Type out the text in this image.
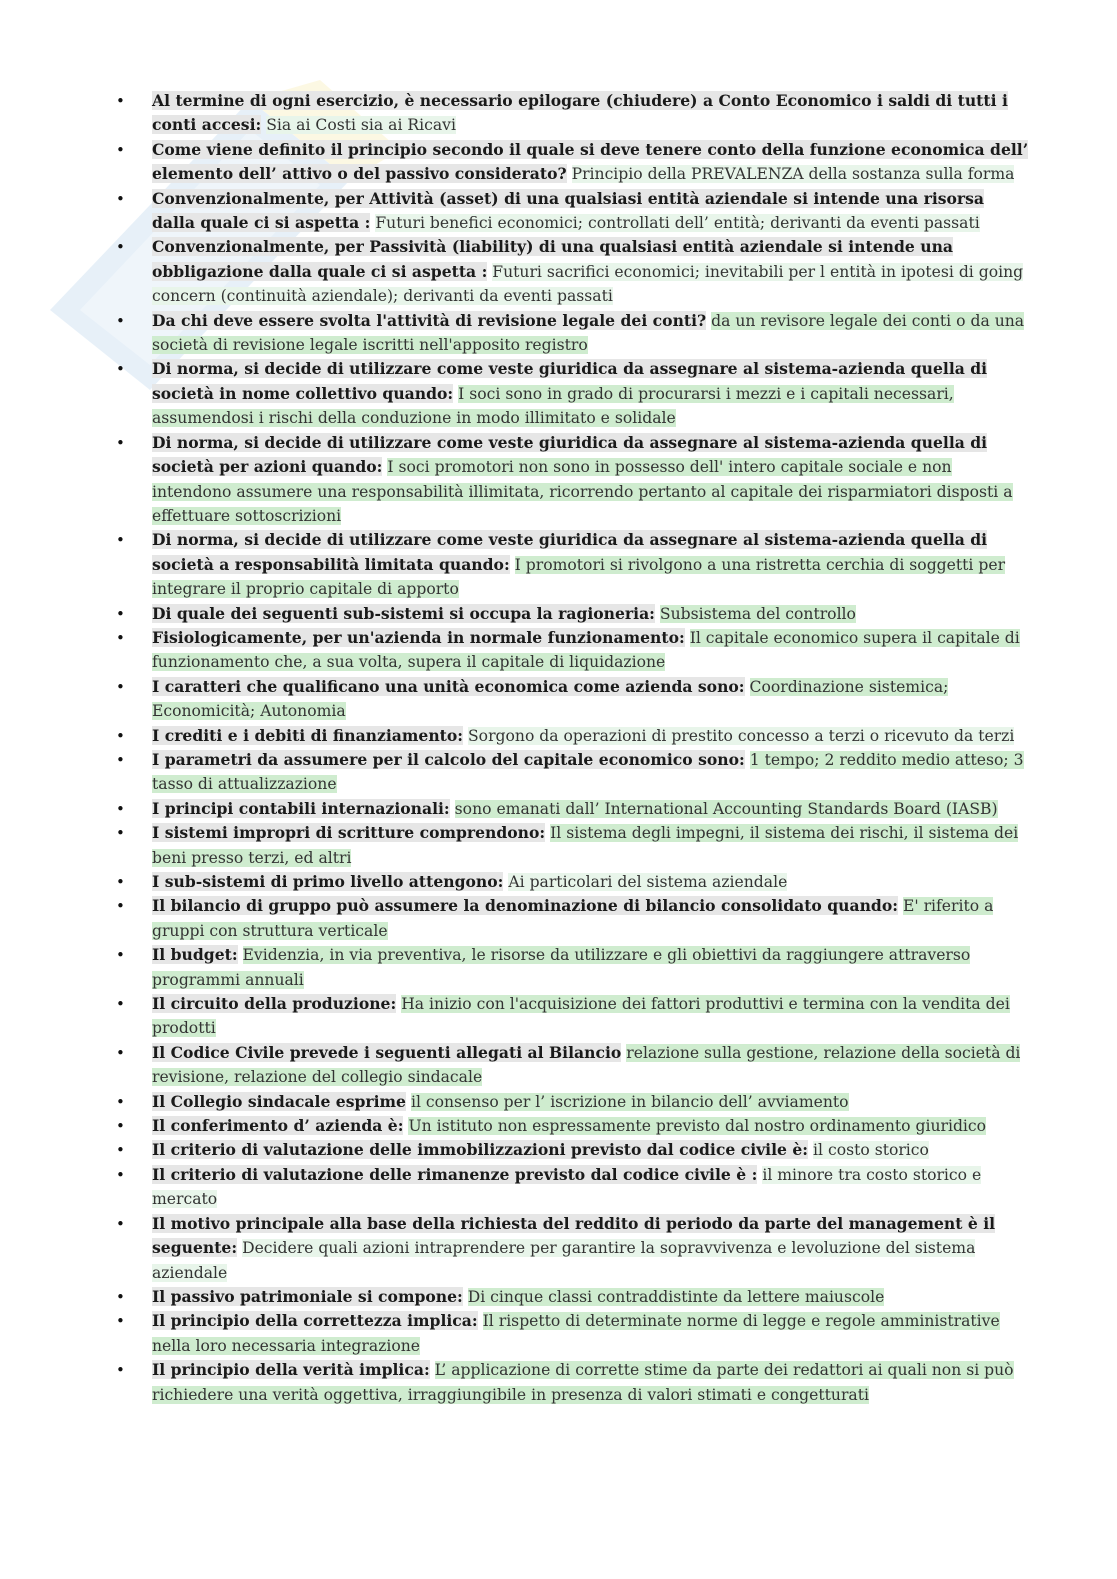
• Al termine di ogni esercizio, è necessario epilogare (chiudere) a Conto Economico i saldi di tutti i conti accesi: Sia ai Costi sia ai Ricavi
• Come viene definito il principio secondo il quale si deve tenere conto della funzione economica dell’ elemento dell’ attivo o del passivo considerato? Principio della PREVALENZA della sostanza sulla forma
• Convenzionalmente, per Attività (asset) di una qualsiasi entità aziendale si intende una risorsa dalla quale ci si aspetta : Futuri benefici economici; controllati dell’ entità; derivanti da eventi passati
• Convenzionalmente, per Passività (liability) di una qualsiasi entità aziendale si intende una obbligazione dalla quale ci si aspetta : Futuri sacrifici economici; inevitabili per l entità in ipotesi di going concern (continuità aziendale); derivanti da eventi passati
• Da chi deve essere svolta l'attività di revisione legale dei conti? da un revisore legale dei conti o da una società di revisione legale iscritti nell'apposito registro
• Di norma, si decide di utilizzare come veste giuridica da assegnare al sistema-azienda quella di società in nome collettivo quando: I soci sono in grado di procurarsi i mezzi e i capitali necessari, assumendosi i rischi della conduzione in modo illimitato e solidale
• Di norma, si decide di utilizzare come veste giuridica da assegnare al sistema-azienda quella di società per azioni quando: I soci promotori non sono in possesso dell' intero capitale sociale e non intendono assumere una responsabilità illimitata, ricorrendo pertanto al capitale dei risparmiatori disposti a effettuare sottoscrizioni
• Di norma, si decide di utilizzare come veste giuridica da assegnare al sistema-azienda quella di società a responsabilità limitata quando: I promotori si rivolgono a una ristretta cerchia di soggetti per integrare il proprio capitale di apporto
• Di quale dei seguenti sub-sistemi si occupa la ragioneria: Subsistema del controllo
• Fisiologicamente, per un'azienda in normale funzionamento: Il capitale economico supera il capitale di funzionamento che, a sua volta, supera il capitale di liquidazione
• I caratteri che qualificano una unità economica come azienda sono: Coordinazione sistemica; Economicità; Autonomia
• I crediti e i debiti di finanziamento: Sorgono da operazioni di prestito concesso a terzi o ricevuto da terzi
• I parametri da assumere per il calcolo del capitale economico sono: 1 tempo; 2 reddito medio atteso; 3 tasso di attualizzazione
• I principi contabili internazionali: sono emanati dall’ International Accounting Standards Board (IASB)
• I sistemi impropri di scritture comprendono: Il sistema degli impegni, il sistema dei rischi, il sistema dei beni presso terzi, ed altri
• I sub-sistemi di primo livello attengono: Ai particolari del sistema aziendale
• Il bilancio di gruppo può assumere la denominazione di bilancio consolidato quando: E' riferito a gruppi con struttura verticale
• Il budget: Evidenzia, in via preventiva, le risorse da utilizzare e gli obiettivi da raggiungere attraverso programmi annuali
• Il circuito della produzione: Ha inizio con l'acquisizione dei fattori produttivi e termina con la vendita dei prodotti
• Il Codice Civile prevede i seguenti allegati al Bilancio relazione sulla gestione, relazione della società di revisione, relazione del collegio sindacale
• Il Collegio sindacale esprime il consenso per l’ iscrizione in bilancio dell’ avviamento
• Il conferimento d’ azienda è: Un istituto non espressamente previsto dal nostro ordinamento giuridico
• Il criterio di valutazione delle immobilizzazioni previsto dal codice civile è: il costo storico
• Il criterio di valutazione delle rimanenze previsto dal codice civile è : il minore tra costo storico e mercato
• Il motivo principale alla base della richiesta del reddito di periodo da parte del management è il seguente: Decidere quali azioni intraprendere per garantire la sopravvivenza e levoluzione del sistema aziendale
• Il passivo patrimoniale si compone: Di cinque classi contraddistinte da lettere maiuscole
• Il principio della correttezza implica: Il rispetto di determinate norme di legge e regole amministrative nella loro necessaria integrazione
• Il principio della verità implica: L’ applicazione di corrette stime da parte dei redattori ai quali non si può richiedere una verità oggettiva, irraggiungibile in presenza di valori stimati e congetturati
